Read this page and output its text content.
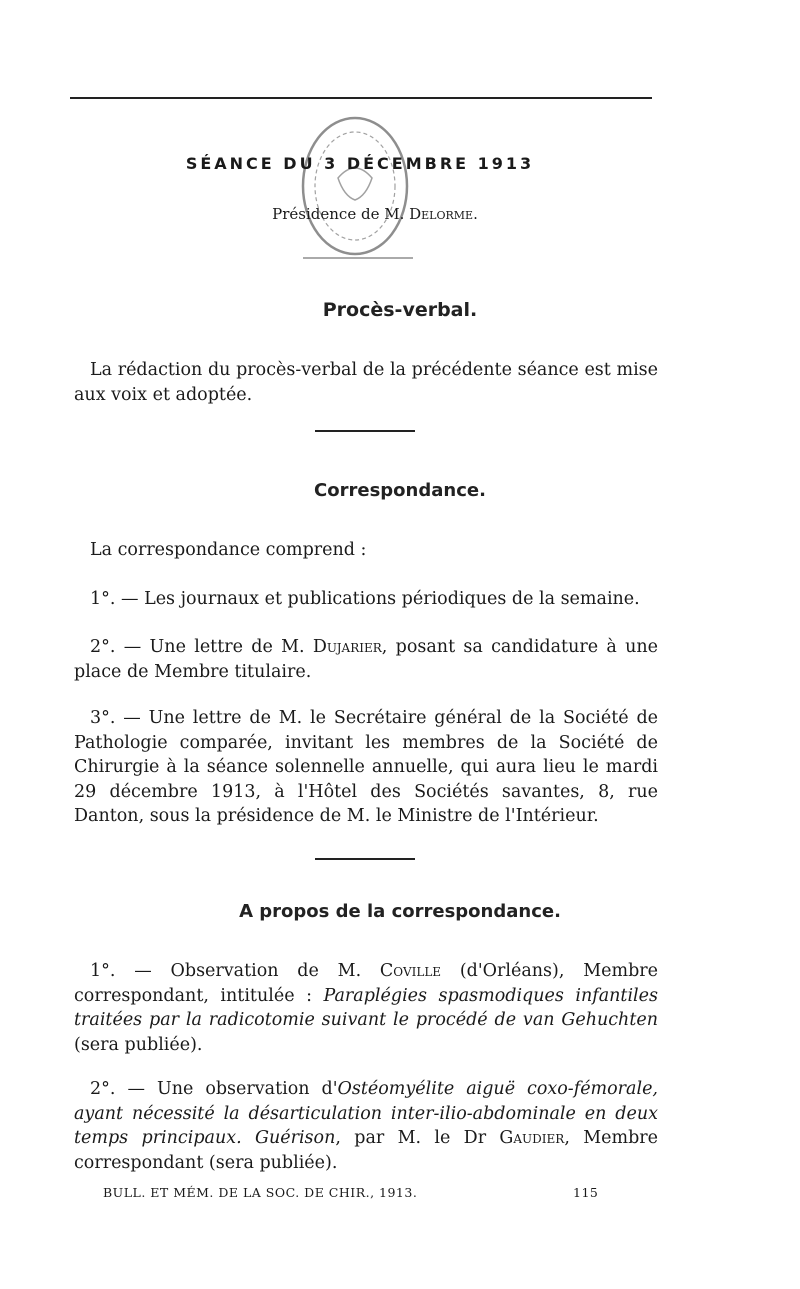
SÉANCE DU 3 DÉCEMBRE 1913
Présidence de M. Delorme.
Procès-verbal.
La rédaction du procès-verbal de la précédente séance est mise aux voix et adoptée.
Correspondance.
La correspondance comprend :
1°. — Les journaux et publications périodiques de la semaine.
2°. — Une lettre de M. Dujarier, posant sa candidature à une place de Membre titulaire.
3°. — Une lettre de M. le Secrétaire général de la Société de Pathologie comparée, invitant les membres de la Société de Chirurgie à la séance solennelle annuelle, qui aura lieu le mardi 29 décembre 1913, à l'Hôtel des Sociétés savantes, 8, rue Danton, sous la présidence de M. le Ministre de l'Intérieur.
A propos de la correspondance.
1°. — Observation de M. Coville (d'Orléans), Membre correspondant, intitulée : Paraplégies spasmodiques infantiles traitées par la radicotomie suivant le procédé de van Gehuchten (sera publiée).
2°. — Une observation d'Ostéomyélite aiguë coxo-fémorale, ayant nécessité la désarticulation inter-ilio-abdominale en deux temps principaux. Guérison, par M. le Dr Gaudier, Membre correspondant (sera publiée).
BULL. ET MÉM. DE LA SOC. DE CHIR., 1913.	115
